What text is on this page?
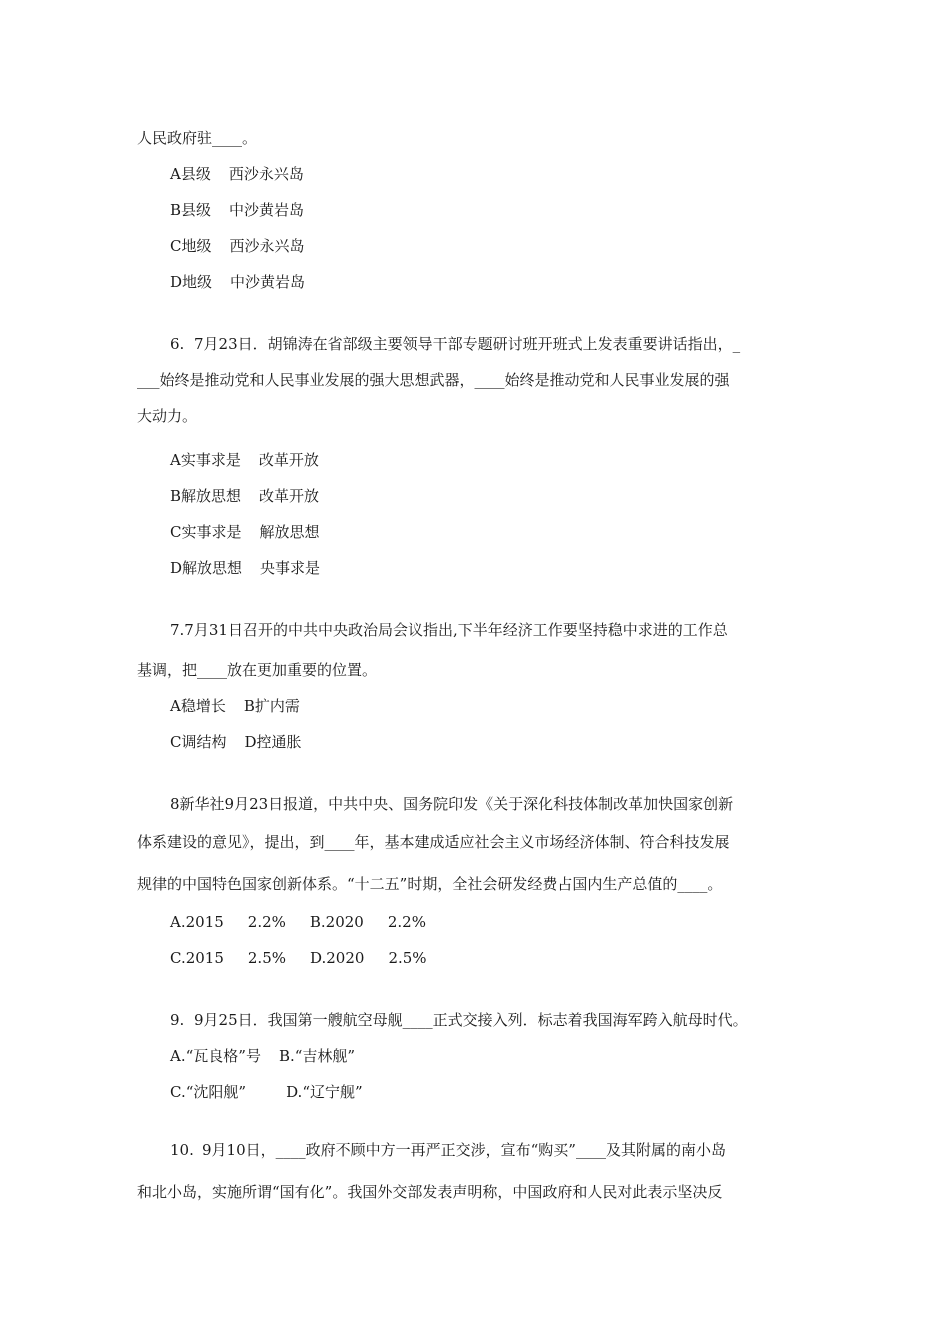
人民政府驻____。
A县级 西沙永兴岛
B县级 中沙黄岩岛
C地级 西沙永兴岛
D地级 中沙黄岩岛
6. 7月23日．胡锦涛在省部级主要领导干部专题研讨班开班式上发表重要讲话指出，_
___始终是推动党和人民事业发展的强大思想武器，____始终是推动党和人民事业发展的强
大动力。
A实事求是 改革开放
B解放思想 改革开放
C实事求是 解放思想
D解放思想 央事求是
7.7月31日召开的中共中央政治局会议指出,下半年经济工作要坚持稳中求进的工作总
基调，把____放在更加重要的位置。
A稳增长 B扩内需
C调结构 D控通胀
8新华社9月23日报道，中共中央、国务院印发《关于深化科技体制改革加快国家创新
体系建设的意见》，提出，到____年，基本建成适应社会主义市场经济体制、符合科技发展
规律的中国特色国家创新体系。“十二五”时期，全社会研发经费占国内生产总值的____。
A.2015 2.2% B.2020 2.2%
C.2015 2.5% D.2020 2.5%
9. 9月25日．我国第一艘航空母舰____正式交接入列．标志着我国海军跨入航母时代。
A.“瓦良格”号 B.“吉林舰”
C.“沈阳舰”	D.“辽宁舰”
10. 9月10日，____政府不顾中方一再严正交涉，宣布“购买”____及其附属的南小岛
和北小岛，实施所谓“国有化”。我国外交部发表声明称，中国政府和人民对此表示坚决反
